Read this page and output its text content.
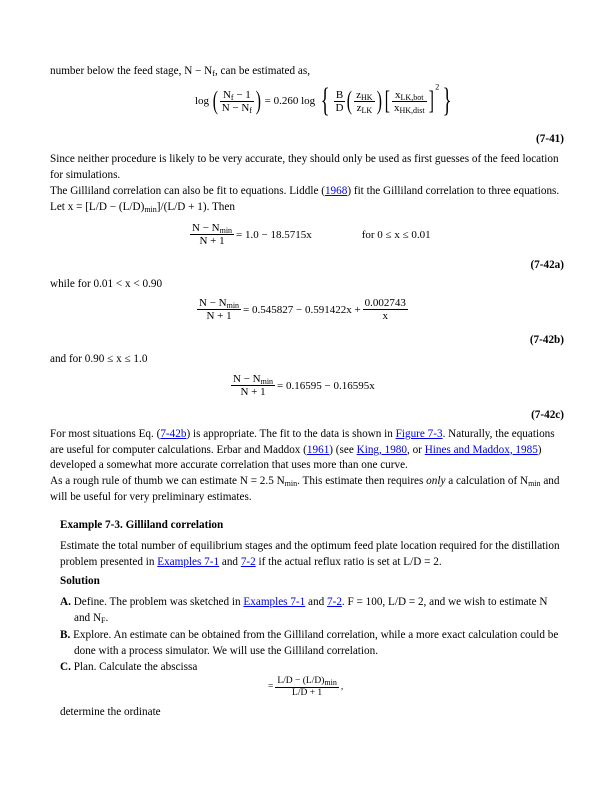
number below the feed stage, $N - N_f$, can be estimated as,

log ( $\frac{N_f - 1}{N - N_f}$ ) = 0.260 log { $\frac{B}{D}$ ( $\frac{z_{HK}}{z_{LK}}$ ) [ $\frac{x_{LK,bot}}{x_{HK,dist}}$ ] $^2$ }
(7-41)

Since neither procedure is likely to be very accurate, they should only be used as first guesses of the feed location for simulations.

The Gilliland correlation can also be fit to equations. Liddle (1968) fit the Gilliland correlation to three equations. Let $x = [L/D - (L/D)_{min}]/(L/D + 1)$. Then

$\frac{N - N_{min}}{N + 1} = 1.0 - 18.5715x$	for 0 ≤ x ≤ 0.01
(7-42a)

while for 0.01 < x < 0.90

$\frac{N - N_{min}}{N + 1} = 0.545827 - 0.591422x + \frac{0.002743}{x}$
(7-42b)

and for 0.90 ≤ x ≤ 1.0

$\frac{N - N_{min}}{N + 1} = 0.16595 - 0.16595x$
(7-42c)

For most situations Eq. (7-42b) is appropriate. The fit to the data is shown in Figure 7-3. Naturally, the equations are useful for computer calculations. Erbar and Maddox (1961) (see King, 1980, or Hines and Maddox, 1985) developed a somewhat more accurate correlation that uses more than one curve.

As a rough rule of thumb we can estimate N = 2.5 $N_{min}$. This estimate then requires only a calculation of $N_{min}$ and will be useful for very preliminary estimates.

Example 7-3. Gilliland correlation

Estimate the total number of equilibrium stages and the optimum feed plate location required for the distillation problem presented in Examples 7-1 and 7-2 if the actual reflux ratio is set at L/D = 2.

Solution

A. Define. The problem was sketched in Examples 7-1 and 7-2. F = 100, L/D = 2, and we wish to estimate N and $N_F$.

B. Explore. An estimate can be obtained from the Gilliland correlation, while a more exact calculation could be done with a process simulator. We will use the Gilliland correlation.

C. Plan. Calculate the abscissa

= $\frac{L/D - (L/D)_{min}}{L/D + 1}$ ,

determine the ordinate
